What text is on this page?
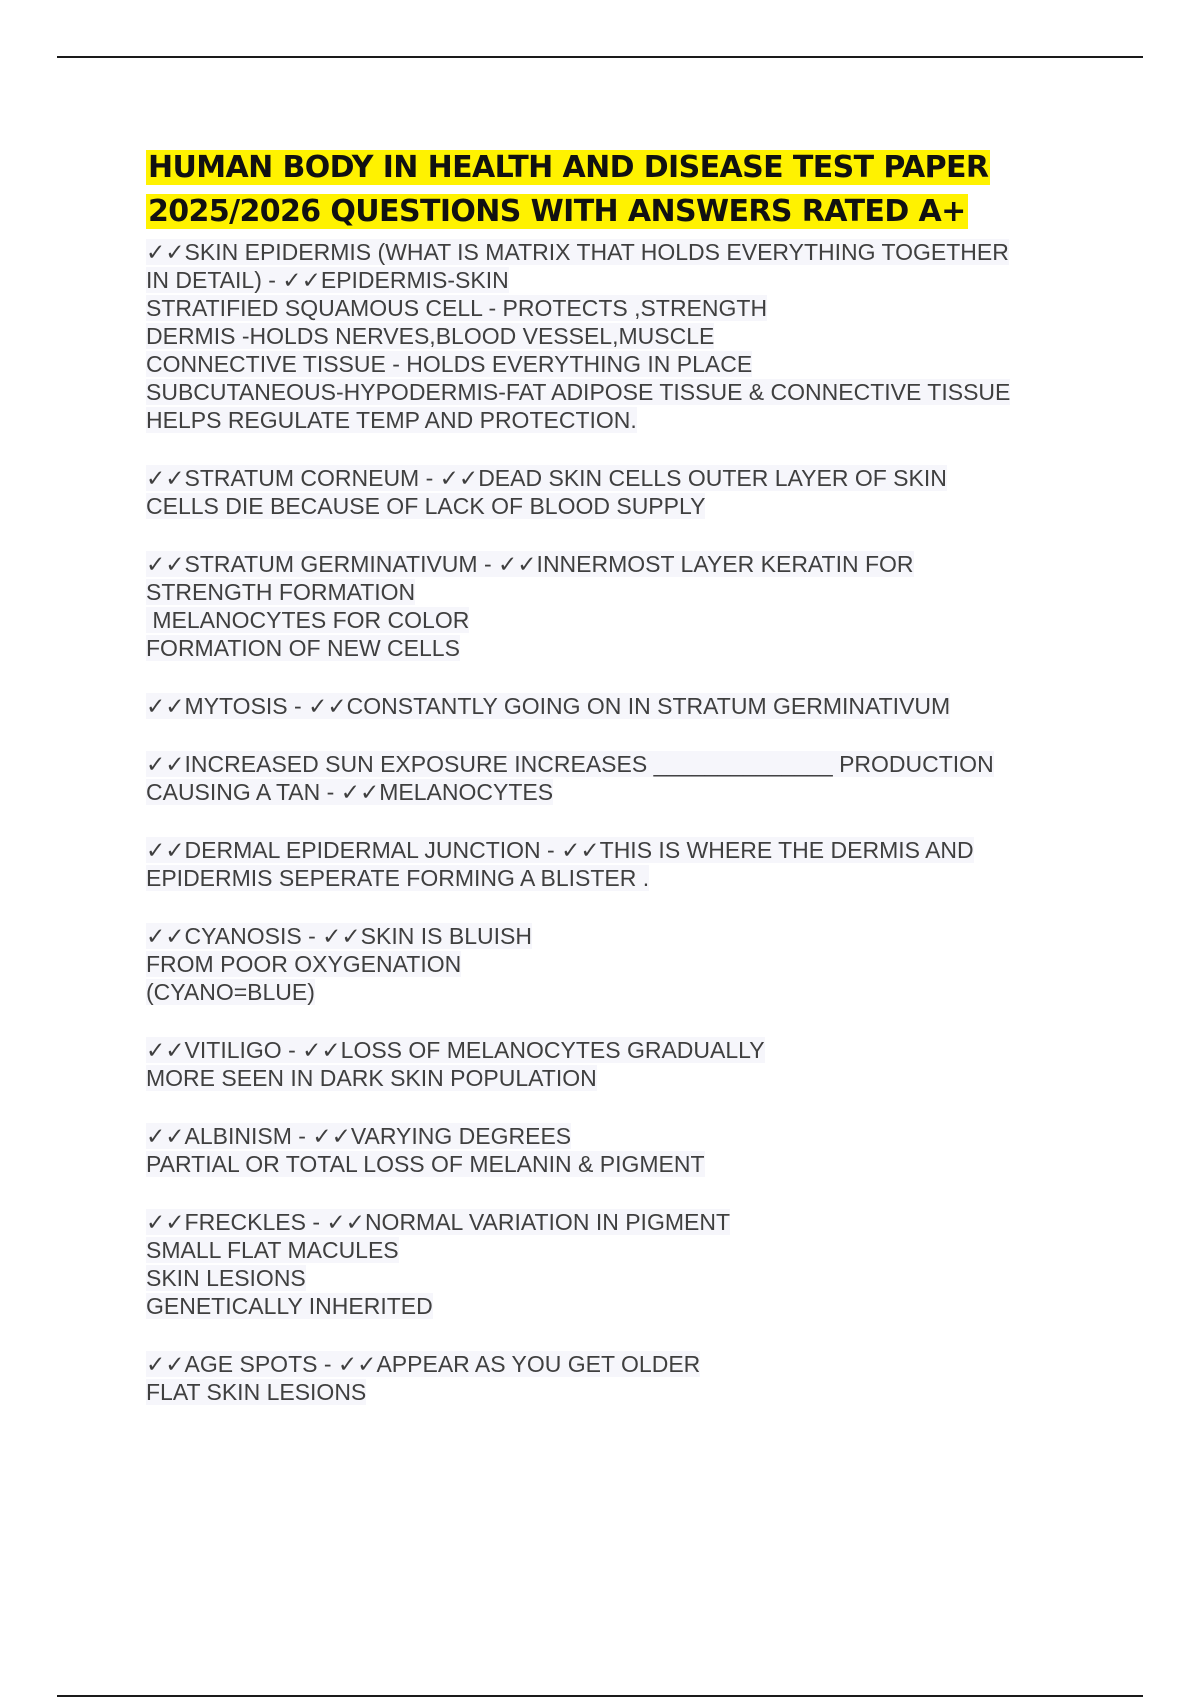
HUMAN BODY IN HEALTH AND DISEASE TEST PAPER
2025/2026 QUESTIONS WITH ANSWERS RATED A+
✓✓SKIN EPIDERMIS (WHAT IS MATRIX THAT HOLDS EVERYTHING TOGETHER
IN DETAIL) - ✓✓EPIDERMIS-SKIN
STRATIFIED SQUAMOUS CELL - PROTECTS ,STRENGTH
DERMIS -HOLDS NERVES,BLOOD VESSEL,MUSCLE
CONNECTIVE TISSUE - HOLDS EVERYTHING IN PLACE
SUBCUTANEOUS-HYPODERMIS-FAT ADIPOSE TISSUE & CONNECTIVE TISSUE
HELPS REGULATE TEMP AND PROTECTION.
✓✓STRATUM CORNEUM - ✓✓DEAD SKIN CELLS OUTER LAYER OF SKIN
CELLS DIE BECAUSE OF LACK OF BLOOD SUPPLY
✓✓STRATUM GERMINATIVUM - ✓✓INNERMOST LAYER KERATIN FOR
STRENGTH FORMATION
MELANOCYTES FOR COLOR
FORMATION OF NEW CELLS
✓✓MYTOSIS - ✓✓CONSTANTLY GOING ON IN STRATUM GERMINATIVUM
✓✓INCREASED SUN EXPOSURE INCREASES ______________ PRODUCTION
CAUSING A TAN - ✓✓MELANOCYTES
✓✓DERMAL EPIDERMAL JUNCTION - ✓✓THIS IS WHERE THE DERMIS AND
EPIDERMIS SEPERATE FORMING A BLISTER .
✓✓CYANOSIS - ✓✓SKIN IS BLUISH
FROM POOR OXYGENATION
(CYANO=BLUE)
✓✓VITILIGO - ✓✓LOSS OF MELANOCYTES GRADUALLY
MORE SEEN IN DARK SKIN POPULATION
✓✓ALBINISM - ✓✓VARYING DEGREES
PARTIAL OR TOTAL LOSS OF MELANIN & PIGMENT
✓✓FRECKLES - ✓✓NORMAL VARIATION IN PIGMENT
SMALL FLAT MACULES
SKIN LESIONS
GENETICALLY INHERITED
✓✓AGE SPOTS - ✓✓APPEAR AS YOU GET OLDER
FLAT SKIN LESIONS
